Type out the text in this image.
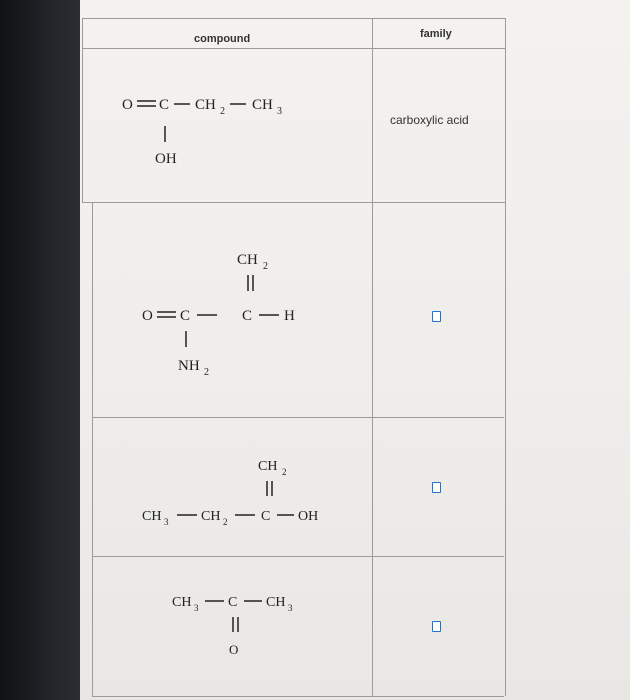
compound	family
O C CH 2 CH 3
OH
carboxylic acid
CH 2
O C	C H
NH 2
CH 2
CH 3 CH 2 C OH
CH 3 C CH 3
O
